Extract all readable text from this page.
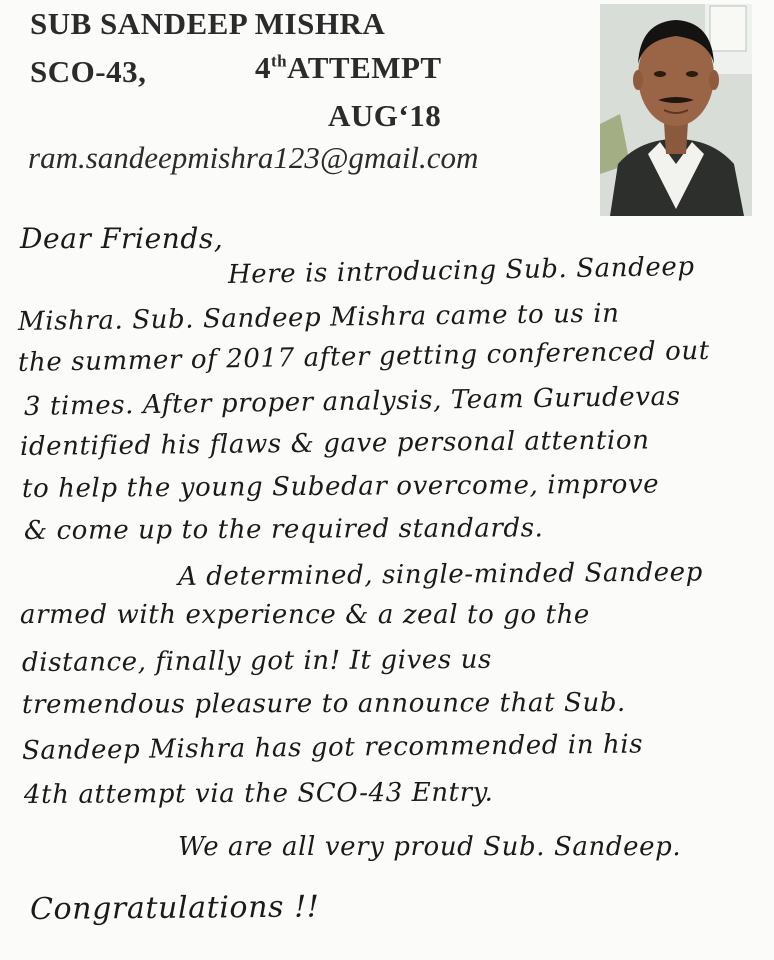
SUB SANDEEP MISHRA
SCO-43,	4thATTEMPT
AUG‘18
ram.sandeepmishra123@gmail.com
Dear Friends,
Here is introducing Sub. Sandeep
Mishra. Sub. Sandeep Mishra came to us in
the summer of 2017 after getting conferenced out
3 times. After proper analysis, Team Gurudevas
identified his flaws & gave personal attention
to help the young Subedar overcome, improve
& come up to the required standards.
A determined, single-minded Sandeep
armed with experience & a zeal to go the
distance, finally got in! It gives us
tremendous pleasure to announce that Sub.
Sandeep Mishra has got recommended in his
4th attempt via the SCO-43 Entry.
We are all very proud Sub. Sandeep.
Congratulations !!
